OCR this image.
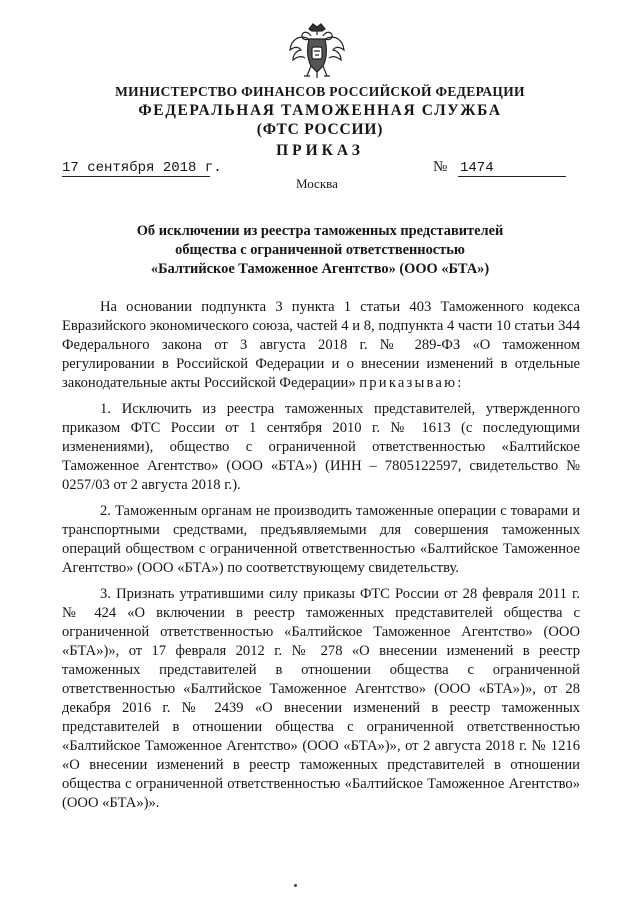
МИНИСТЕРСТВО ФИНАНСОВ РОССИЙСКОЙ ФЕДЕРАЦИИ
ФЕДЕРАЛЬНАЯ ТАМОЖЕННАЯ СЛУЖБА
(ФТС РОССИИ)
ПРИКАЗ
17 сентября 2018 г.	№ 1474
Москва
Об исключении из реестра таможенных представителей
общества с ограниченной ответственностью
«Балтийское Таможенное Агентство» (ООО «БТА»)

На основании подпункта 3 пункта 1 статьи 403 Таможенного кодекса Евразийского экономического союза, частей 4 и 8, подпункта 4 части 10 статьи 344 Федерального закона от 3 августа 2018 г. № 289-ФЗ «О таможенном регулировании в Российской Федерации и о внесении изменений в отдельные законодательные акты Российской Федерации» приказываю:

1. Исключить из реестра таможенных представителей, утвержденного приказом ФТС России от 1 сентября 2010 г. № 1613 (с последующими изменениями), общество с ограниченной ответственностью «Балтийское Таможенное Агентство» (ООО «БТА») (ИНН – 7805122597, свидетельство № 0257/03 от 2 августа 2018 г.).

2. Таможенным органам не производить таможенные операции с товарами и транспортными средствами, предъявляемыми для совершения таможенных операций обществом с ограниченной ответственностью «Балтийское Таможенное Агентство» (ООО «БТА») по соответствующему свидетельству.

3. Признать утратившими силу приказы ФТС России от 28 февраля 2011 г. № 424 «О включении в реестр таможенных представителей общества с ограниченной ответственностью «Балтийское Таможенное Агентство» (ООО «БТА»)», от 17 февраля 2012 г. № 278 «О внесении изменений в реестр таможенных представителей в отношении общества с ограниченной ответственностью «Балтийское Таможенное Агентство» (ООО «БТА»)», от 28 декабря 2016 г. № 2439 «О внесении изменений в реестр таможенных представителей в отношении общества с ограниченной ответственностью «Балтийское Таможенное Агентство» (ООО «БТА»)», от 2 августа 2018 г. № 1216 «О внесении изменений в реестр таможенных представителей в отношении общества с ограниченной ответственностью «Балтийское Таможенное Агентство» (ООО «БТА»)».
